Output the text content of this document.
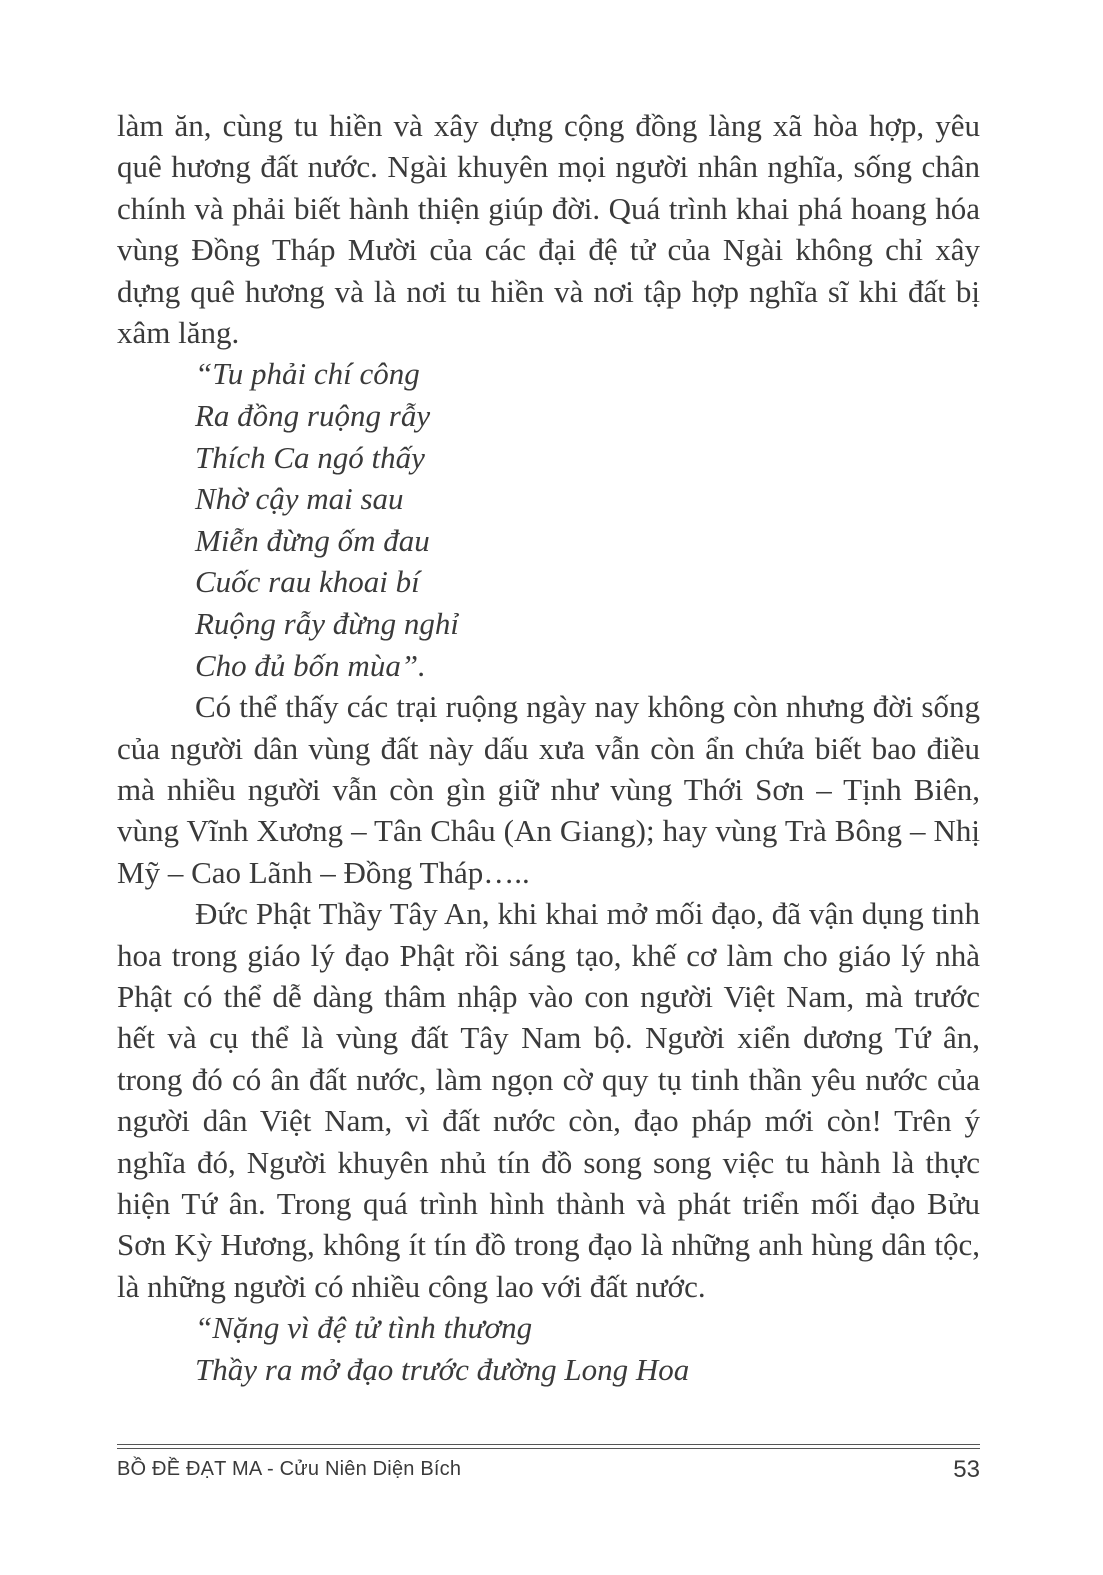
làm ăn, cùng tu hiền và xây dựng cộng đồng làng xã hòa hợp, yêu quê hương đất nước. Ngài khuyên mọi người nhân nghĩa, sống chân chính và phải biết hành thiện giúp đời. Quá trình khai phá hoang hóa vùng Đồng Tháp Mười của các đại đệ tử của Ngài không chỉ xây dựng quê hương và là nơi tu hiền và nơi tập hợp nghĩa sĩ khi đất bị xâm lăng.

“Tu phải chí công
Ra đồng ruộng rẫy
Thích Ca ngó thấy
Nhờ cậy mai sau
Miễn đừng ốm đau
Cuốc rau khoai bí
Ruộng rẫy đừng nghỉ
Cho đủ bốn mùa”.

Có thể thấy các trại ruộng ngày nay không còn nhưng đời sống của người dân vùng đất này dấu xưa vẫn còn ẩn chứa biết bao điều mà nhiều người vẫn còn gìn giữ như vùng Thới Sơn – Tịnh Biên, vùng Vĩnh Xương – Tân Châu (An Giang); hay vùng Trà Bông – Nhị Mỹ – Cao Lãnh – Đồng Tháp…..

Đức Phật Thầy Tây An, khi khai mở mối đạo, đã vận dụng tinh hoa trong giáo lý đạo Phật rồi sáng tạo, khế cơ làm cho giáo lý nhà Phật có thể dễ dàng thâm nhập vào con người Việt Nam, mà trước hết và cụ thể là vùng đất Tây Nam bộ. Người xiển dương Tứ ân, trong đó có ân đất nước, làm ngọn cờ quy tụ tinh thần yêu nước của người dân Việt Nam, vì đất nước còn, đạo pháp mới còn! Trên ý nghĩa đó, Người khuyên nhủ tín đồ song song việc tu hành là thực hiện Tứ ân. Trong quá trình hình thành và phát triển mối đạo Bửu Sơn Kỳ Hương, không ít tín đồ trong đạo là những anh hùng dân tộc, là những người có nhiều công lao với đất nước.

“Nặng vì đệ tử tình thương
Thầy ra mở đạo trước đường Long Hoa
BỒ ĐỀ ĐẠT MA - Cửu Niên Diện Bích	53
